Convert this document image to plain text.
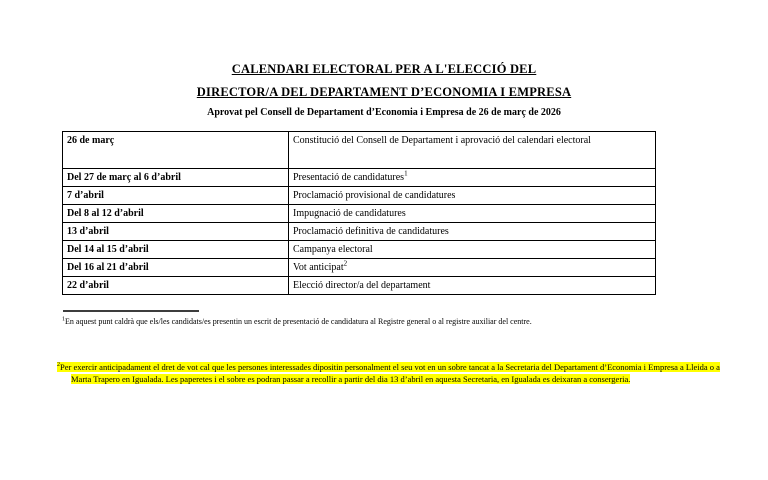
CALENDARI ELECTORAL PER A L'ELECCIÓ DEL
DIRECTOR/A DEL DEPARTAMENT D’ECONOMIA I EMPRESA
Aprovat pel Consell de Departament d’Economia i Empresa de 26 de març de 2026
26 de març	Constitució del Consell de Departament i aprovació del calendari electoral
Del 27 de març al 6 d’abril	Presentació de candidatures$^1$
7 d’abril	Proclamació provisional de candidatures
Del 8 al 12 d’abril	Impugnació de candidatures
13 d’abril	Proclamació definitiva de candidatures
Del 14 al 15 d’abril	Campanya electoral
Del 16 al 21 d’abril	Vot anticipat$^2$
22 d’abril	Elecció director/a del departament
$^1$En aquest punt caldrà que els/les candidats/es presentin un escrit de presentació de candidatura al Registre general o al registre auxiliar del centre.
$^2$Per exercir anticipadament el dret de vot cal que les persones interessades dipositin personalment el seu vot en un sobre tancat a la Secretaria del Departament d’Economia i Empresa a Lleida o a Marta Trapero en Igualada. Les paperetes i el sobre es podran passar a recollir a partir del dia 13 d’abril en aquesta Secretaria, en Igualada es deixaran a consergeria.
